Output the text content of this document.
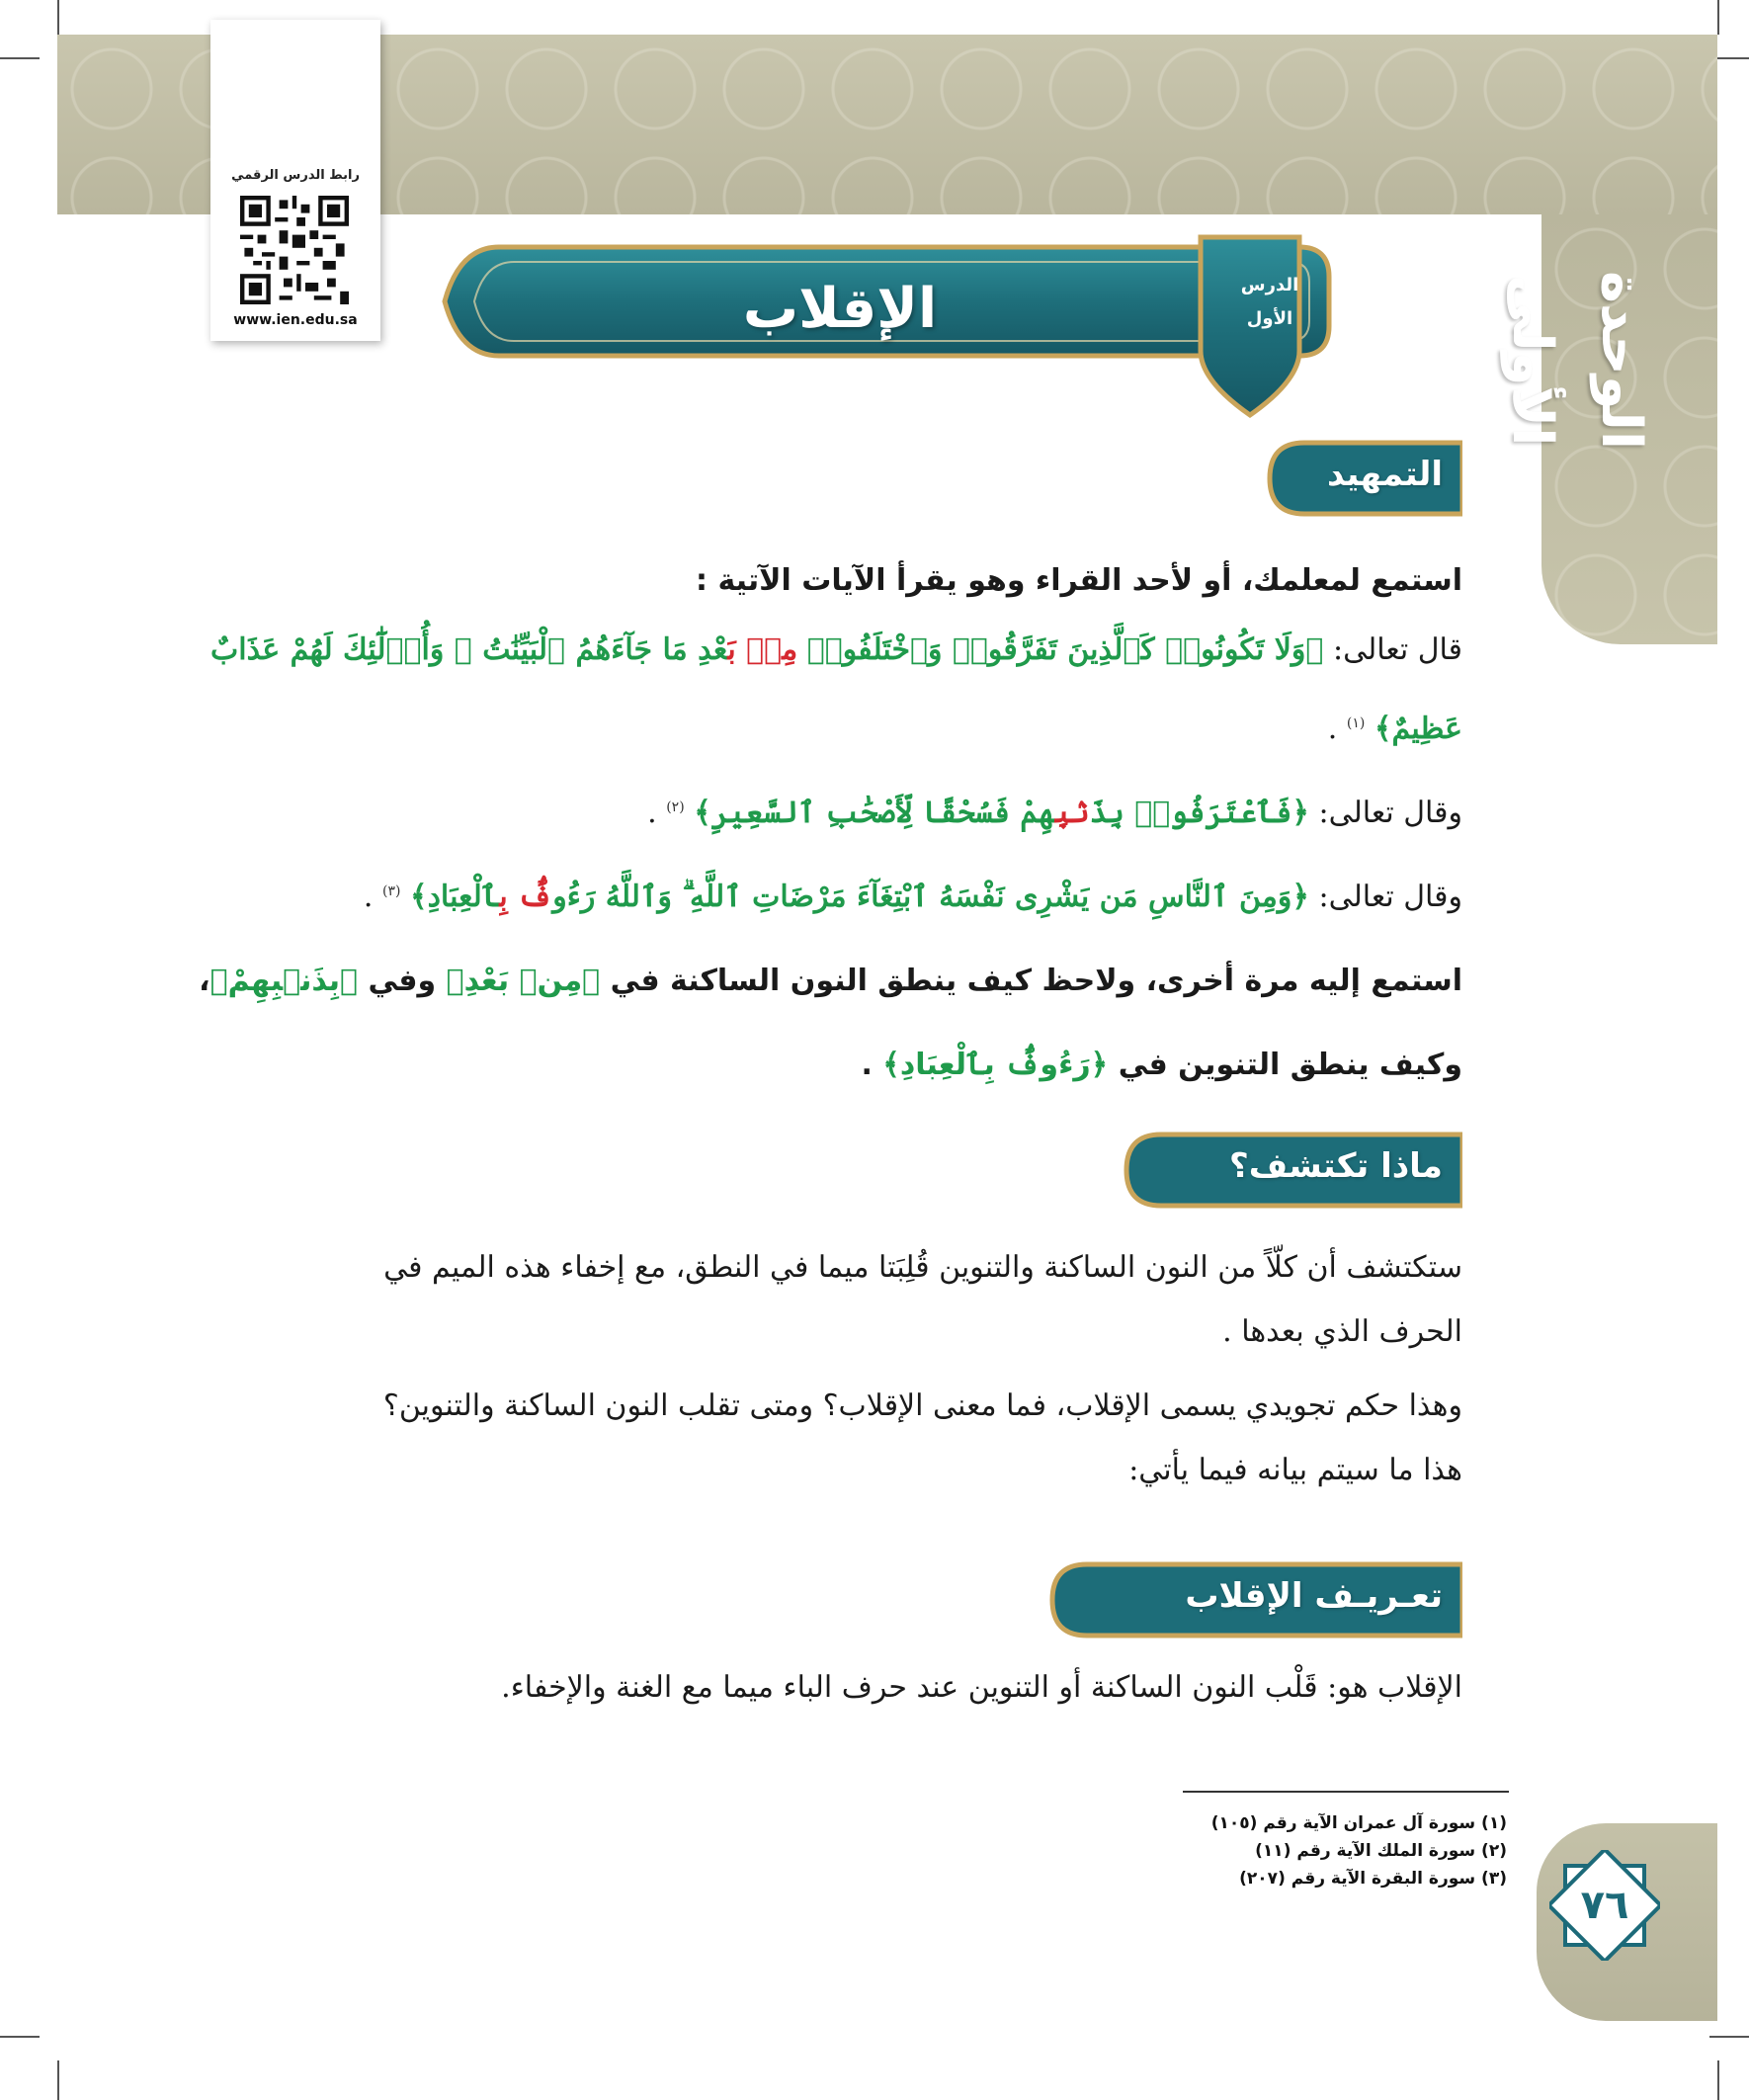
الوحدة الأولى
رابط الدرس الرقمي
www.ien.edu.sa	الإقلاب	الدرس
الأول
التمهيد
استمع لمعلمك، أو لأحد القراء وهو يقرأ الآيات الآتية :
قال تعالى: ﴿وَلَا تَكُونُوا۟ كَٱلَّذِينَ تَفَرَّقُوا۟ وَٱخْتَلَفُوا۟ مِنۢ بَعْدِ مَا جَآءَهُمُ ٱلْبَيِّنَٰتُ ۚ وَأُو۟لَٰٓئِكَ لَهُمْ عَذَابٌ
عَظِيمٌ﴾ $^{(١)}$ .
وقال تعالى: ﴿فَٱعْتَرَفُوا۟ بِذَنۢبِهِمْ فَسُحْقًا لِّأَصْحَٰبِ ٱلسَّعِيرِ﴾ $^{(٢)}$ .
وقال تعالى: ﴿وَمِنَ ٱلنَّاسِ مَن يَشْرِى نَفْسَهُ ٱبْتِغَآءَ مَرْضَاتِ ٱللَّهِ ۗ وَٱللَّهُ رَءُوفٌۢ بِٱلْعِبَادِ﴾ $^{(٣)}$ .
استمع إليه مرة أخرى، ولاحظ كيف ينطق النون الساكنة في ﴿مِنۢ بَعْدِ﴾ وفي ﴿بِذَنۢبِهِمْ﴾،
وكيف ينطق التنوين في ﴿رَءُوفٌۢ بِٱلْعِبَادِ﴾ .
ماذا تكتشف؟
ستكتشف أن كلّاً من النون الساكنة والتنوين قُلِبَتا ميما في النطق، مع إخفاء هذه الميم في
الحرف الذي بعدها .
وهذا حكم تجويدي يسمى الإقلاب، فما معنى الإقلاب؟ ومتى تقلب النون الساكنة والتنوين؟
هذا ما سيتم بيانه فيما يأتي:
تعـريـف الإقلاب
الإقلاب هو: قَلْب النون الساكنة أو التنوين عند حرف الباء ميما مع الغنة والإخفاء.
(١) سورة آل عمران الآية رقم (١٠٥)
(٢) سورة الملك الآية رقم (١١)
(٣) سورة البقرة الآية رقم (٢٠٧)
٧٦
